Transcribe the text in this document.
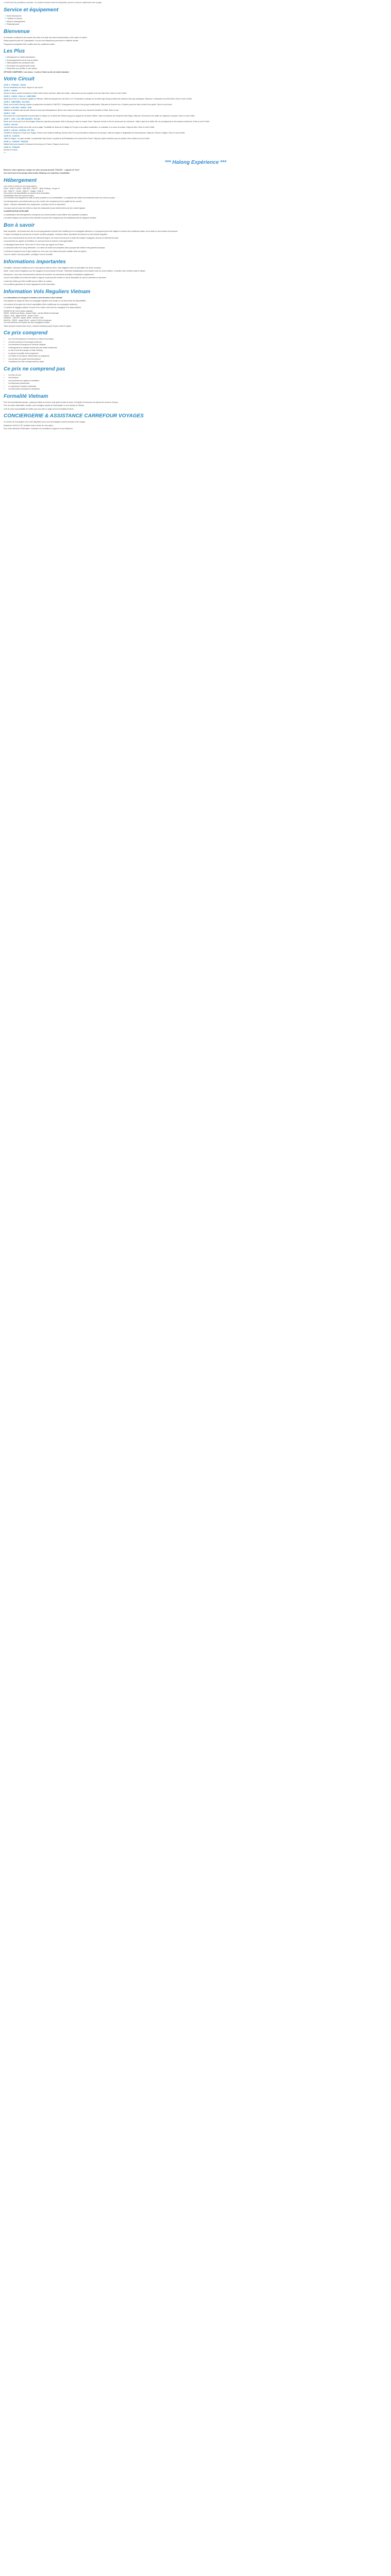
Ce tarif inclut les prestations suivantes. Un nombre de places limité est disponible, pensez à réserver rapidement votre voyage.

Service et équipement
✓ Guide francophone
✓ Transfert en autocar
✓ Hôtels et hébergements
✓ Petits-déjeuners
Bienvenue

Un itinéraire combinant la découverte des villes et la visite des sites incontournables, entre nature et culture.

Départ garanti à partir de 2 participants. Les prix sont indiqués par personne en chambre double.

Programme susceptible d'être modifié selon les conditions locales.

Les Plus
✓ Hébergement en hôtels sélectionnés
✓ Accompagnement tout au long du séjour
✓ Visites guidées des principaux sites
✓ Découverte de la gastronomie locale
✓ Temps libre pour profiter à votre rythme

OPTIONS COMPRISES / non inclus : 2 nuits à l'hôtel au lieu de chalet standard.

Votre Circuit
JOUR 1 : FRANCE - HANOI

Envol à destination de Hanoi. Repas et nuit à bord.

JOUR 2 : HANOI

Arrivée à Hanoi, accueil et transfert à l'hôtel. Selon l'heure d'arrivée, début des visites : découverte du vieux quartier et du lac Hoan Kiem. Dîner et nuit à l'hôtel.

JOUR 3 : HANOI - HOA LU - NINH BINH

Départ pour Hoa Lu, ancienne capitale du Vietnam. Visite des temples des rois Dinh et Le. Promenade en barque sur la rivière Ngo Dong au milieu des rizières et des pics karstiques. Déjeuner. Continuation vers Ninh Binh. Dîner et nuit à l'hôtel.

JOUR 4 : NINH BINH - HALONG

Route vers la baie d'Halong, classée au patrimoine mondial de l'UNESCO. Embarquement à bord d'une jonque traditionnelle. Déjeuner de fruits de mer. Croisière parmi les îlots et visite d'une grotte. Dîner et nuit à bord.

JOUR 5 : HALONG - HANOI - HUE

Matinée de croisière dans la baie. Brunch à bord puis débarquement. Retour vers Hanoi et envol pour Hue. Accueil et transfert à l'hôtel. Dîner et nuit.

JOUR 6 : HUE

Découverte de la cité impériale et promenade en bateau sur la rivière des Parfums jusqu'à la pagode de la Dame Céleste. Visite du tombeau de l'empereur Minh Mang. Déjeuner. Découverte d'un atelier de chapeaux coniques. Dîner et nuit à l'hôtel.

JOUR 7 : HUE - COL DES NUAGES - HOI AN

Route vers Hoi An par le col des Nuages offrant de superbes panoramas. Arrêt à Danang et visite du musée Cham. Déjeuner. Arrivée à Hoi An, ancien port de commerce. Visite à pied de la vieille ville, du pont japonais et des maisons anciennes. Dîner et nuit à l'hôtel.

JOUR 8 : HOI AN

Journée libre pour profiter de la ville ou de la plage. Possibilité de découvrir le village de Tra Que et sa culture maraîchère, ou d'assister à un cours de cuisine. Déjeuner libre. Dîner et nuit à l'hôtel.

JOUR 9 : HOI AN - SAIGON - MY THO

Transfert à l'aéroport et envol pour Saigon. Route vers le delta du Mékong. Arrivée à My Tho et promenade en bateau sur les arroyos, visite de vergers et dégustation de fruits tropicaux. Déjeuner. Retour à Saigon. Dîner et nuit à l'hôtel.

JOUR 10 : SAIGON

Visite de Saigon : la poste centrale, la cathédrale Notre-Dame, le palais de la Réunification et le marché Ben Thanh. Déjeuner. Après-midi libre pour les achats. Dîner d'adieu et nuit à l'hôtel.

JOUR 11 : SAIGON - FRANCE

Matinée libre puis transfert à l'aéroport et envol pour la France. Repas et nuit à bord.

JOUR 12 : FRANCE

Arrivée en France.

***

*** Halong Expérience ***

Réservez votre expérience unique sur votre nouveau produit "ZVALEA" - Légende de Terre"

Une nuit à bord d'une jonque dans la baie d'Halong, une expérience inoubliable.

Hébergement
LES HÔTELS PRÉVUS (OU SIMILAIRES) :
Hanoi : Hôtel 3* centre - Ninh Binh : Hôtel 3* - Baie d'Halong : Jonque 3*
Hue : Hôtel 3* - Hoi An : Hôtel 3* - Saigon : Hôtel 3*
Sous réserve de disponibilités au moment de la réservation.
Classification selon les normes locales.

Les chambres sont équipées de salle de bains privative et de la climatisation. La catégorie des hôtels est mentionnée selon les normes du pays.

Les hébergements sont sélectionnés pour leur confort, leur emplacement et la qualité de leur accueil.

Option : chambre individuelle avec supplément, à préciser lors de la réservation.

Les repas sont pris dans les hôtels ou dans des restaurants locaux sélectionnés pour leur cuisine typique.

CLASSIFICATION HOTELIERE

La classification des hébergements correspond aux normes locales et peut différer des standards européens.

Les hôtels indiqués sont donnés à titre indicatif et peuvent être remplacés par des établissements de catégorie similaire.

Bon à savoir

Note importante : les horaires des vols ne sont pas garantis et peuvent être modifiés par les compagnies aériennes. Le programme peut être adapté en fonction des conditions locales, de la météo ou des horaires de transport.

Le séjour est adapté aux personnes en bonne condition physique. Certaines visites nécessitent de marcher sur des terrains irréguliers.

Nous vous recommandons de prévoir des vêtements légers, une tenue correcte pour la visite des temples et pagodes, ainsi qu'un vêtement de pluie.

Les pourboires aux guides et chauffeurs ne sont pas inclus et restent à votre appréciation.

Le décalage horaire est de +5h en été et +6h en hiver par rapport à la France.

La monnaie locale est le dong vietnamien. Les cartes de crédit sont acceptées dans la plupart des hôtels et des grandes boutiques.

Le climat est tropical au sud et plus tempéré au nord, avec une saison des pluies variable selon les régions.

L'eau du robinet n'est pas potable : privilégiez l'eau en bouteille.

Informations importantes

Formalités : passeport valable plus de 6 mois après la date de retour. Visa obligatoire selon la nationalité et la durée du séjour.

Santé : aucun vaccin obligatoire pour les voyageurs en provenance d'Europe. Traitement antipaludique recommandé selon les zones visitées. Consultez votre médecin avant le départ.

Assurances : nous vous recommandons vivement de souscrire une assurance annulation et assistance rapatriement.

Les prix sont établis sur la base des tarifs en vigueur et peuvent être révisés en cas de fluctuation du coût du carburant ou des taxes.

L'ordre des visites peut être modifié sans en altérer le contenu.

Les conditions générales de vente s'appliquent à toute réservation.

Information Vols Reguliers Vietnam

Les informations de transport et horaires sont données à titre indicatif.

Vols réguliers au départ de Paris sur compagnie régulière avec escale ou vol direct selon les disponibilités.

Les horaires et les plans de vol sont susceptibles d'être modifiés par les compagnies aériennes.

Le nombre de bagages autorisé en soute et en cabine varie selon la compagnie et la classe tarifaire.

EXEMPLE DE VOLS (à titre indicatif) :
PARIS - HANOI (vol direct) : départ 13h40 - arrivée 06h45 le lendemain
HANOI - HUE : départ 09h00 - arrivée 10h10
DANANG - SAIGON : départ 16h30 - arrivée 17h50
SAIGON - PARIS : départ 22h45 - arrivée 07h00 le lendemain

Les vols intérieurs sont opérés par des compagnies locales.

Taxes aéroport incluses dans le prix, montant révisable jusqu'à 30 jours avant le départ.

Ce prix comprend
• Les vols internationaux et intérieurs en classe économique
• Les taxes aéroport et surcharges carburant
• Les transferts et transports en véhicule climatisé
• L'hébergement en chambre double dans les hôtels mentionnés
• La nuit à bord de la jonque en baie d'Halong
• La pension complète selon programme
• Les visites et excursions mentionnées au programme
• Les services d'un guide local francophone
• L'assistance de notre correspondant sur place
Ce prix ne comprend pas
• Les frais de visa
• Les boissons
• Les pourboires aux guides et chauffeurs
• Les dépenses personnelles
• Le supplément chambre individuelle
• Les assurances annulation et assistance
Formalité Vietnam

Pour les ressortissants français : passeport valide au moins 6 mois après la date de retour. Exemption de visa pour les séjours de moins de 45 jours.

Pour les autres nationalités, veuillez vous renseigner auprès de l'ambassade ou du consulat du Vietnam.

Il est de votre responsabilité de vérifier que vous êtes en règle avec les formalités d'entrée.

CONCIERGERIE & ASSISTANCE CARREFOUR VOYAGES

Un service de conciergerie est à votre disposition pour vous accompagner avant et pendant votre voyage.

Assistance 24h/24 et 7j/7 pendant toute la durée de votre séjour.

Pour toute demande d'information, contactez nos conseillers en agence ou par téléphone.
